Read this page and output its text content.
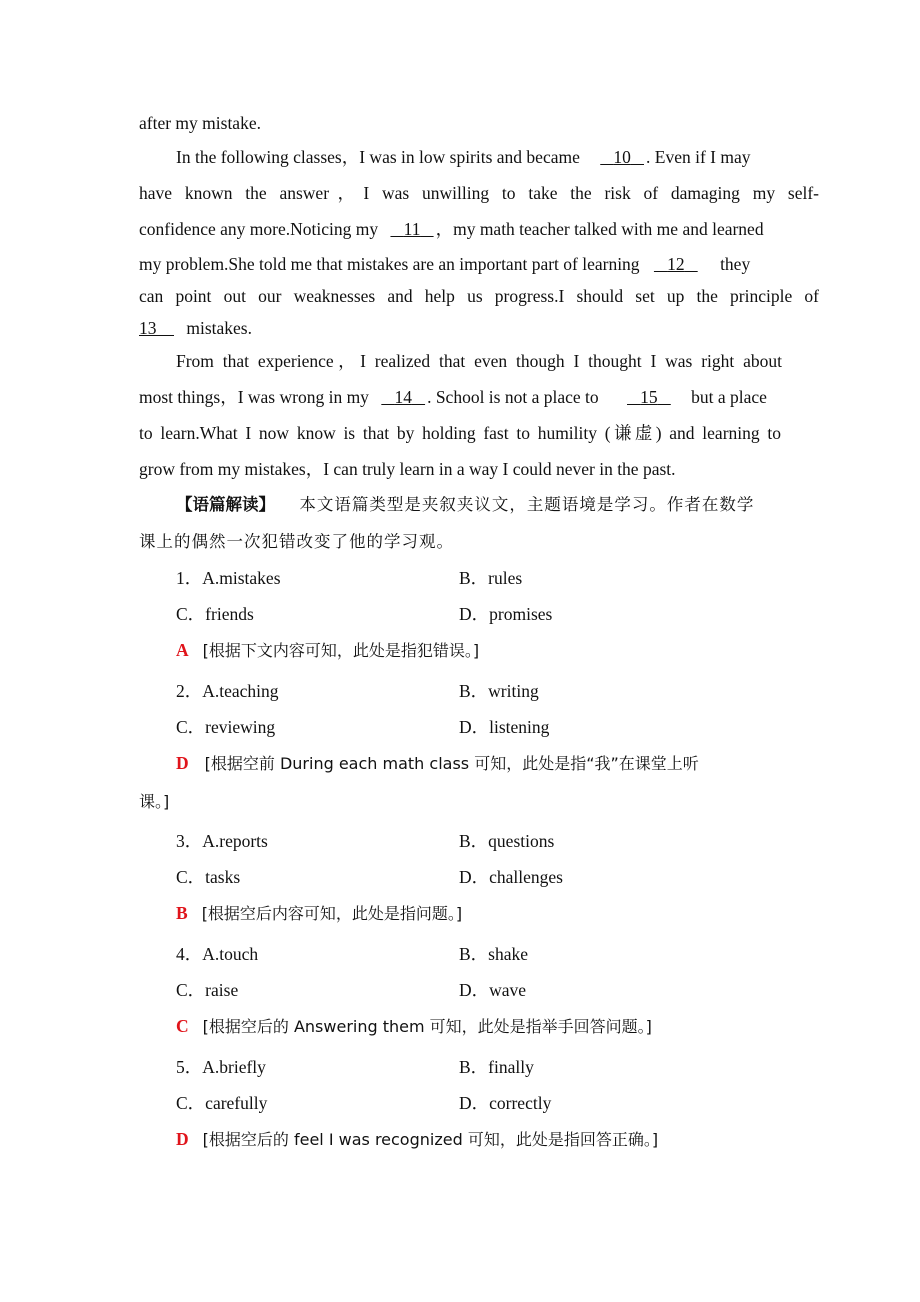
after my mistake.
In the following classes，I was in low spirits and became 10 . Even if I may
have known the answer，I was unwilling to take the risk of damaging my self-
confidence any more.Noticing my 11 ，my math teacher talked with me and learned
my problem.She told me that mistakes are an important part of learning 12 they
can point out our weaknesses and help us progress.I should set up the principle of
13 mistakes.
From that experience，I realized that even though I thought I was right about
most things，I was wrong in my 14 . School is not a place to 15 but a place
to learn.What I now know is that by holding fast to humility (谦虚) and learning to
grow from my mistakes，I can truly learn in a way I could never in the past.
【语篇解读】 本文语篇类型是夹叙夹议文，主题语境是学习。作者在数学
课上的偶然一次犯错改变了他的学习观。
1．A.mistakes	B．rules
C．friends	D．promises
A [根据下文内容可知，此处是指犯错误。]
2．A.teaching	B．writing
C．reviewing	D．listening
D [根据空前 During each math class 可知，此处是指“我”在课堂上听
课。]
3．A.reports	B．questions
C．tasks	D．challenges
B [根据空后内容可知，此处是指问题。]
4．A.touch	B．shake
C．raise	D．wave
C [根据空后的 Answering them 可知，此处是指举手回答问题。]
5．A.briefly	B．finally
C．carefully	D．correctly
D [根据空后的 feel I was recognized 可知，此处是指回答正确。]
